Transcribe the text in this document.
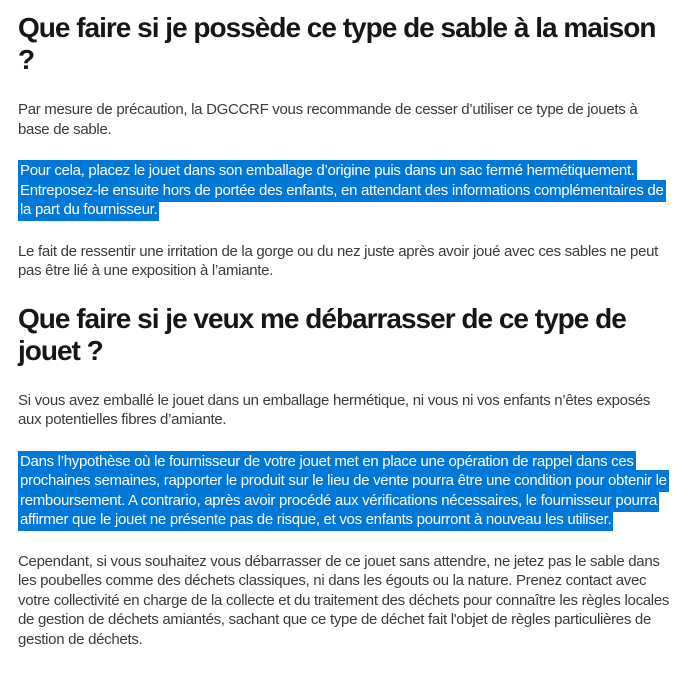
Que faire si je possède ce type de sable à la maison ?

Par mesure de précaution, la DGCCRF vous recommande de cesser d’utiliser ce type de jouets à base de sable.

Pour cela, placez le jouet dans son emballage d’origine puis dans un sac fermé hermétiquement. Entreposez-le ensuite hors de portée des enfants, en attendant des informations complémentaires de la part du fournisseur.

Le fait de ressentir une irritation de la gorge ou du nez juste après avoir joué avec ces sables ne peut pas être lié à une exposition à l’amiante.

Que faire si je veux me débarrasser de ce type de jouet ?

Si vous avez emballé le jouet dans un emballage hermétique, ni vous ni vos enfants n’êtes exposés aux potentielles fibres d’amiante.

Dans l’hypothèse où le fournisseur de votre jouet met en place une opération de rappel dans ces prochaines semaines, rapporter le produit sur le lieu de vente pourra être une condition pour obtenir le remboursement. A contrario, après avoir procédé aux vérifications nécessaires, le fournisseur pourra affirmer que le jouet ne présente pas de risque, et vos enfants pourront à nouveau les utiliser.

Cependant, si vous souhaitez vous débarrasser de ce jouet sans attendre, ne jetez pas le sable dans les poubelles comme des déchets classiques, ni dans les égouts ou la nature. Prenez contact avec votre collectivité en charge de la collecte et du traitement des déchets pour connaître les règles locales de gestion de déchets amiantés, sachant que ce type de déchet fait l'objet de règles particulières de gestion de déchets.
